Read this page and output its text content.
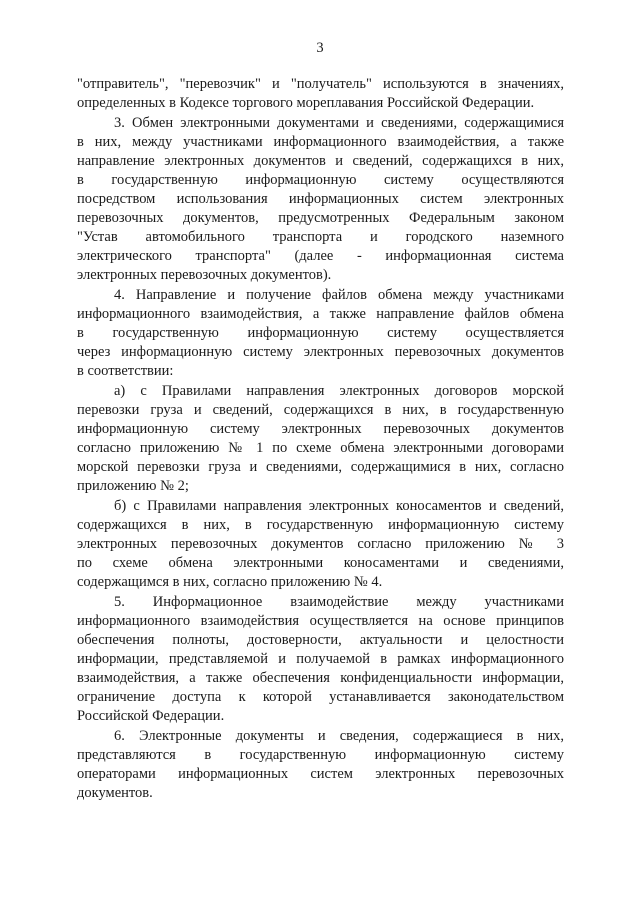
3
"отправитель", "перевозчик" и "получатель" используются в значениях,
определенных в Кодексе торгового мореплавания Российской Федерации.
3. Обмен электронными документами и сведениями, содержащимися
в них, между участниками информационного взаимодействия, а также
направление электронных документов и сведений, содержащихся в них,
в государственную информационную систему осуществляются
посредством использования информационных систем электронных
перевозочных документов, предусмотренных Федеральным законом
"Устав автомобильного транспорта и городского наземного
электрического транспорта" (далее - информационная система
электронных перевозочных документов).
4. Направление и получение файлов обмена между участниками
информационного взаимодействия, а также направление файлов обмена
в государственную информационную систему осуществляется
через информационную систему электронных перевозочных документов
в соответствии:
а) с Правилами направления электронных договоров морской
перевозки груза и сведений, содержащихся в них, в государственную
информационную систему электронных перевозочных документов
согласно приложению № 1 по схеме обмена электронными договорами
морской перевозки груза и сведениями, содержащимися в них, согласно
приложению № 2;
б) с Правилами направления электронных коносаментов и сведений,
содержащихся в них, в государственную информационную систему
электронных перевозочных документов согласно приложению № 3
по схеме обмена электронными коносаментами и сведениями,
содержащимся в них, согласно приложению № 4.
5. Информационное взаимодействие между участниками
информационного взаимодействия осуществляется на основе принципов
обеспечения полноты, достоверности, актуальности и целостности
информации, представляемой и получаемой в рамках информационного
взаимодействия, а также обеспечения конфиденциальности информации,
ограничение доступа к которой устанавливается законодательством
Российской Федерации.
6. Электронные документы и сведения, содержащиеся в них,
представляются в государственную информационную систему
операторами информационных систем электронных перевозочных
документов.
